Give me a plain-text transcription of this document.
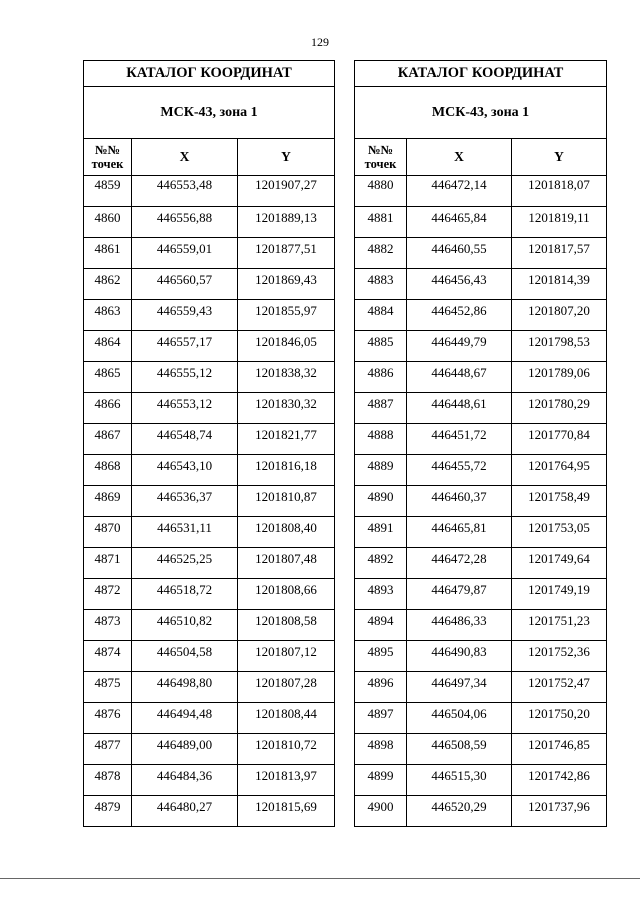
129
КАТАЛОГ КООРДИНАТ		
МСК-43, зона 1		

№№
точек	X	Y
4859	446553,48	1201907,27
4860	446556,88	1201889,13
4861	446559,01	1201877,51
4862	446560,57	1201869,43
4863	446559,43	1201855,97
4864	446557,17	1201846,05
4865	446555,12	1201838,32
4866	446553,12	1201830,32
4867	446548,74	1201821,77
4868	446543,10	1201816,18
4869	446536,37	1201810,87
4870	446531,11	1201808,40
4871	446525,25	1201807,48
4872	446518,72	1201808,66
4873	446510,82	1201808,58
4874	446504,58	1201807,12
4875	446498,80	1201807,28
4876	446494,48	1201808,44
4877	446489,00	1201810,72
4878	446484,36	1201813,97
4879	446480,27	1201815,69
КАТАЛОГ КООРДИНАТ		
МСК-43, зона 1		

№№
точек	X	Y
4880	446472,14	1201818,07
4881	446465,84	1201819,11
4882	446460,55	1201817,57
4883	446456,43	1201814,39
4884	446452,86	1201807,20
4885	446449,79	1201798,53
4886	446448,67	1201789,06
4887	446448,61	1201780,29
4888	446451,72	1201770,84
4889	446455,72	1201764,95
4890	446460,37	1201758,49
4891	446465,81	1201753,05
4892	446472,28	1201749,64
4893	446479,87	1201749,19
4894	446486,33	1201751,23
4895	446490,83	1201752,36
4896	446497,34	1201752,47
4897	446504,06	1201750,20
4898	446508,59	1201746,85
4899	446515,30	1201742,86
4900	446520,29	1201737,96
